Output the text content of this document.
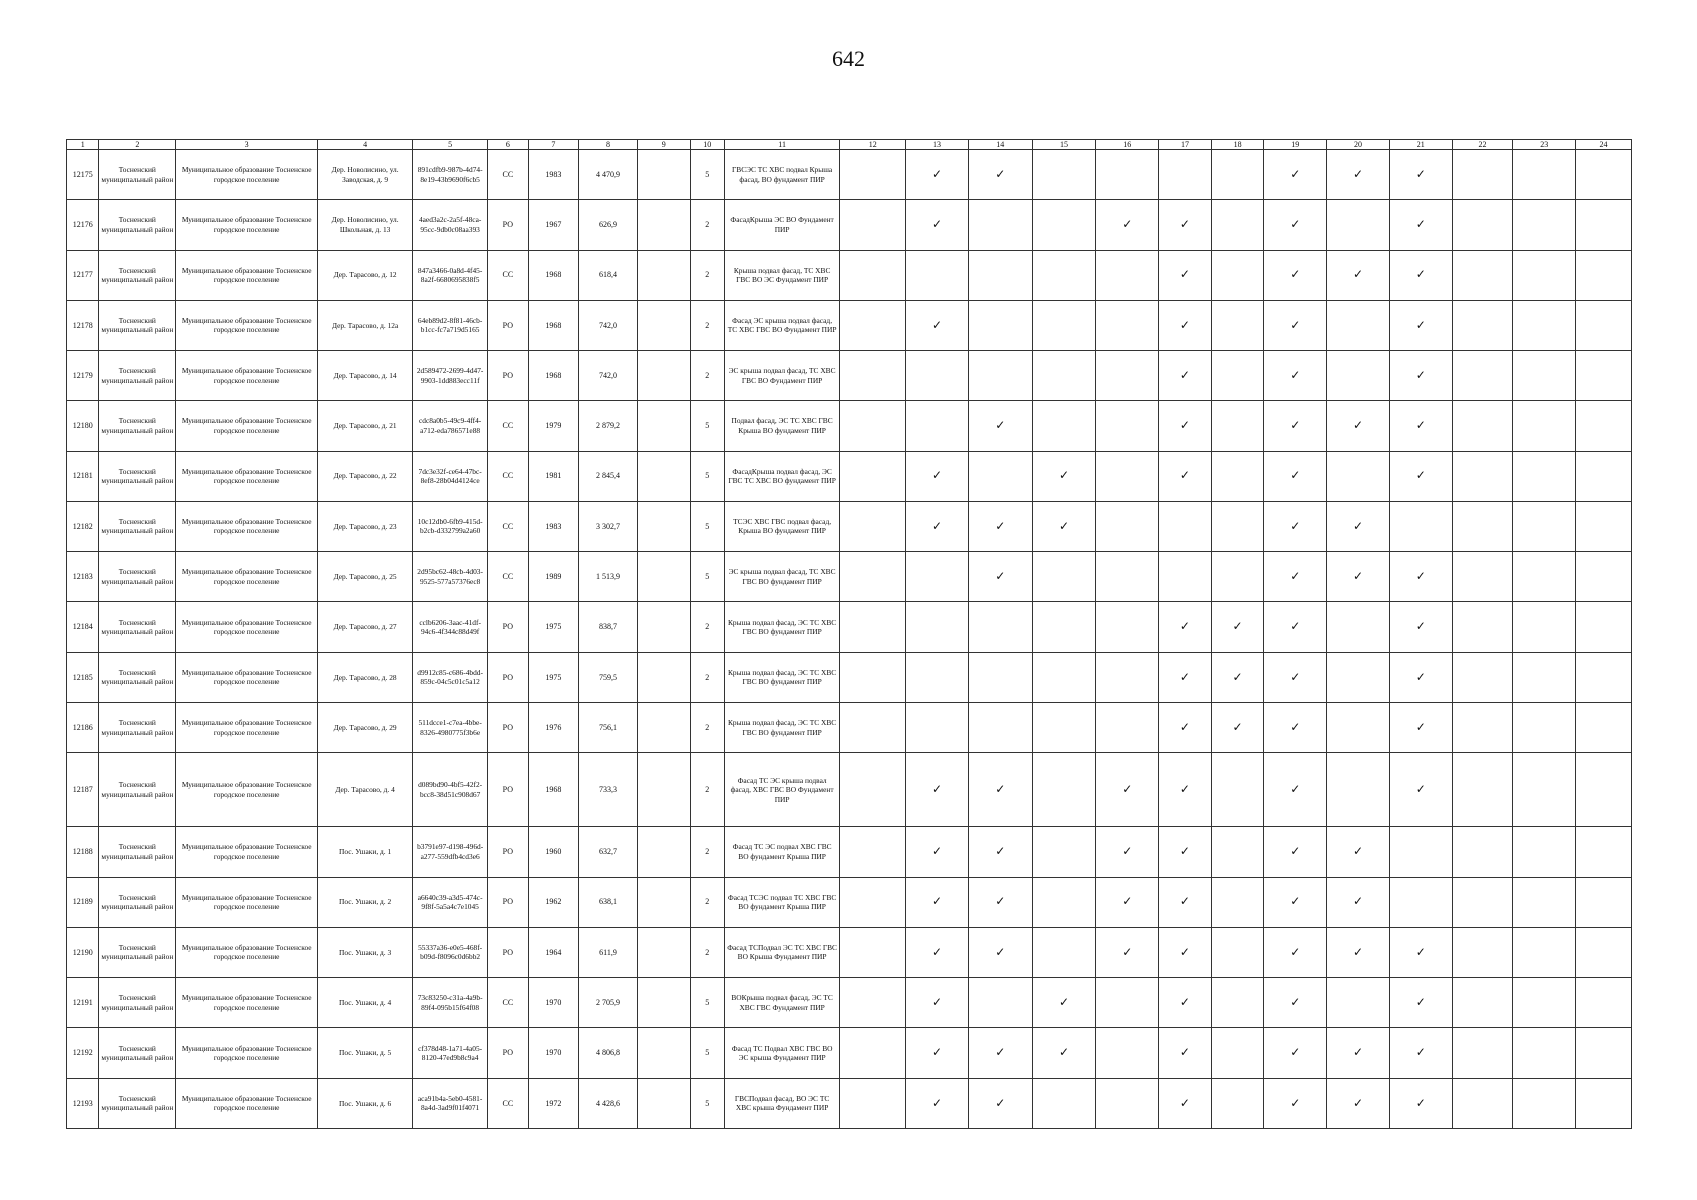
642
1	2	3	4	5	6	7	8	9	10	11	12	13	14	15	16	17	18	19	20	21	22	23	24
12175	Тосненский муниципальный район	Муниципальное образование Тосненское городское поселение	Дер. Новолисино, ул. Заводская, д. 9	891cdfb9-987b-4d74-8e19-43b9690f6cb5	СС	1983	4 470,9		5	ГВСЭС ТС ХВС подвал Крыша фасад, ВО фундамент ПИР		✓	✓					✓	✓	✓			
12176	Тосненский муниципальный район	Муниципальное образование Тосненское городское поселение	Дер. Новолисино, ул. Школьная, д. 13	4aed3a2c-2a5f-48ca-95cc-9db0c08aa393	РО	1967	626,9		2	ФасадКрыша ЭС ВО Фундамент ПИР		✓			✓	✓		✓		✓			
12177	Тосненский муниципальный район	Муниципальное образование Тосненское городское поселение	Дер. Тарасово, д. 12	847a3466-0a8d-4f45-8a2f-6680695838f5	СС	1968	618,4		2	Крыша подвал фасад, ТС ХВС ГВС ВО ЭС Фундамент ПИР						✓		✓	✓	✓			
12178	Тосненский муниципальный район	Муниципальное образование Тосненское городское поселение	Дер. Тарасово, д. 12а	64eb89d2-8f81-46cb-b1cc-fc7a719d5165	РО	1968	742,0		2	Фасад ЭС крыша подвал фасад, ТС ХВС ГВС ВО Фундамент ПИР		✓				✓		✓		✓			
12179	Тосненский муниципальный район	Муниципальное образование Тосненское городское поселение	Дер. Тарасово, д. 14	2d589472-2699-4d47-9903-1dd883ecc11f	РО	1968	742,0		2	ЭС крыша подвал фасад, ТС ХВС ГВС ВО Фундамент ПИР						✓		✓		✓			
12180	Тосненский муниципальный район	Муниципальное образование Тосненское городское поселение	Дер. Тарасово, д. 21	cdc8a0b5-49c9-4ff4-a712-eda786571e88	СС	1979	2 879,2		5	Подвал фасад, ЭС ТС ХВС ГВС Крыша ВО фундамент ПИР			✓			✓		✓	✓	✓			
12181	Тосненский муниципальный район	Муниципальное образование Тосненское городское поселение	Дер. Тарасово, д. 22	7dc3e32f-ce64-47bc-8ef8-28b04d4124ce	СС	1981	2 845,4		5	ФасадКрыша подвал фасад, ЭС ГВС ТС ХВС ВО фундамент ПИР		✓		✓		✓		✓		✓			
12182	Тосненский муниципальный район	Муниципальное образование Тосненское городское поселение	Дер. Тарасово, д. 23	10c12db0-6fb9-415d-b2cb-d332799a2a60	СС	1983	3 302,7		5	ТСЭС ХВС ГВС подвал фасад, Крыша ВО фундамент ПИР		✓	✓	✓				✓	✓				
12183	Тосненский муниципальный район	Муниципальное образование Тосненское городское поселение	Дер. Тарасово, д. 25	2d95bc62-48cb-4d03-9525-577a57376ec8	СС	1989	1 513,9		5	ЭС крыша подвал фасад, ТС ХВС ГВС ВО фундамент ПИР			✓					✓	✓	✓			
12184	Тосненский муниципальный район	Муниципальное образование Тосненское городское поселение	Дер. Тарасово, д. 27	cclb6206-3aac-41df-94c6-4f344c88d49f	РО	1975	838,7		2	Крыша подвал фасад, ЭС ТС ХВС ГВС ВО фундамент ПИР						✓	✓	✓		✓			
12185	Тосненский муниципальный район	Муниципальное образование Тосненское городское поселение	Дер. Тарасово, д. 28	d9912c85-c686-4bdd-859c-04c5c01c5a12	РО	1975	759,5		2	Крыша подвал фасад, ЭС ТС ХВС ГВС ВО фундамент ПИР						✓	✓	✓		✓			
12186	Тосненский муниципальный район	Муниципальное образование Тосненское городское поселение	Дер. Тарасово, д. 29	511dcce1-c7ea-4bbe-8326-4980775f3b6e	РО	1976	756,1		2	Крыша подвал фасад, ЭС ТС ХВС ГВС ВО фундамент ПИР						✓	✓	✓		✓			
12187	Тосненский муниципальный район	Муниципальное образование Тосненское городское поселение	Дер. Тарасово, д. 4	d089bd90-4bf5-42f2-bcc8-38d51c908d67	РО	1968	733,3		2	Фасад ТС ЭС крыша подвал фасад, ХВС ГВС ВО Фундамент ПИР		✓	✓		✓	✓		✓		✓			
12188	Тосненский муниципальный район	Муниципальное образование Тосненское городское поселение	Пос. Ушаки, д. 1	b3791e97-d198-496d-a277-559dfb4cd3e6	РО	1960	632,7		2	Фасад ТС ЭС подвал ХВС ГВС ВО фундамент Крыша ПИР		✓	✓		✓	✓		✓	✓				
12189	Тосненский муниципальный район	Муниципальное образование Тосненское городское поселение	Пос. Ушаки, д. 2	a6640c39-a3d5-474c-9f8f-5a5a4c7e1045	РО	1962	638,1		2	Фасад ТСЭС подвал ТС ХВС ГВС ВО фундамент Крыша ПИР		✓	✓		✓	✓		✓	✓				
12190	Тосненский муниципальный район	Муниципальное образование Тосненское городское поселение	Пос. Ушаки, д. 3	55337a36-e0e5-468f-b09d-f8096c0d6bb2	РО	1964	611,9		2	Фасад ТСПодвал ЭС ТС ХВС ГВС ВО Крыша Фундамент ПИР		✓	✓		✓	✓		✓	✓	✓			
12191	Тосненский муниципальный район	Муниципальное образование Тосненское городское поселение	Пос. Ушаки, д. 4	73c83250-c31a-4a9b-89f4-095b15f64f08	СС	1970	2 705,9		5	ВОКрыша подвал фасад, ЭС ТС ХВС ГВС Фундамент ПИР		✓		✓		✓		✓		✓			
12192	Тосненский муниципальный район	Муниципальное образование Тосненское городское поселение	Пос. Ушаки, д. 5	cf378d48-1a71-4a05-8120-47ed9b8c9a4	РО	1970	4 806,8		5	Фасад ТС Подвал ХВС ГВС ВО ЭС крыша Фундамент ПИР		✓	✓	✓		✓		✓	✓	✓			
12193	Тосненский муниципальный район	Муниципальное образование Тосненское городское поселение	Пос. Ушаки, д. 6	aca91b4a-5eb0-4581-8a4d-3ad9f01f4071	СС	1972	4 428,6		5	ГВСПодвал фасад, ВО ЭС ТС ХВС крыша Фундамент ПИР		✓	✓			✓		✓	✓	✓			
